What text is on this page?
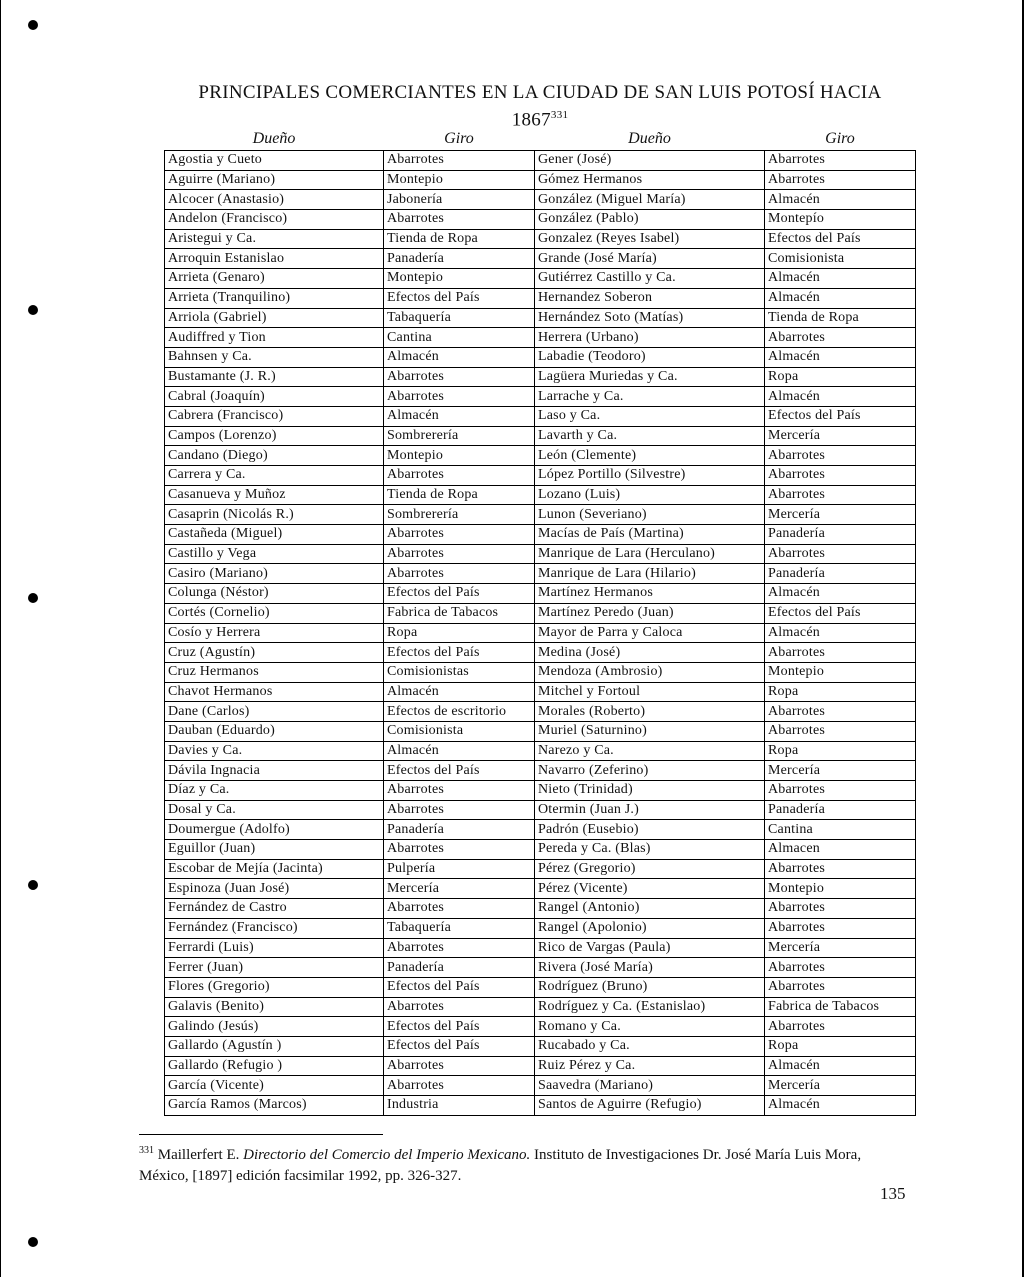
PRINCIPALES COMERCIANTES EN LA CIUDAD DE SAN LUIS POTOSÍ HACIA
1867$^{331}$
Dueño	Giro	Dueño	Giro
Agostia y Cueto	Abarrotes	Gener (José)	Abarrotes
Aguirre (Mariano)	Montepio	Gómez Hermanos	Abarrotes
Alcocer (Anastasio)	Jabonería	González (Miguel María)	Almacén
Andelon (Francisco)	Abarrotes	González (Pablo)	Montepío
Aristegui y Ca.	Tienda de Ropa	Gonzalez (Reyes Isabel)	Efectos del País
Arroquin Estanislao	Panadería	Grande (José María)	Comisionista
Arrieta (Genaro)	Montepio	Gutiérrez Castillo y Ca.	Almacén
Arrieta (Tranquilino)	Efectos del País	Hernandez Soberon	Almacén
Arriola (Gabriel)	Tabaquería	Hernández Soto (Matías)	Tienda de Ropa
Audiffred y Tion	Cantina	Herrera (Urbano)	Abarrotes
Bahnsen y Ca.	Almacén	Labadie (Teodoro)	Almacén
Bustamante (J. R.)	Abarrotes	Lagüera Muriedas y Ca.	Ropa
Cabral (Joaquín)	Abarrotes	Larrache y Ca.	Almacén
Cabrera (Francisco)	Almacén	Laso y Ca.	Efectos del País
Campos (Lorenzo)	Sombrerería	Lavarth y Ca.	Mercería
Candano (Diego)	Montepio	León (Clemente)	Abarrotes
Carrera y Ca.	Abarrotes	López Portillo (Silvestre)	Abarrotes
Casanueva y Muñoz	Tienda de Ropa	Lozano (Luis)	Abarrotes
Casaprin (Nicolás R.)	Sombrerería	Lunon (Severiano)	Mercería
Castañeda (Miguel)	Abarrotes	Macías de País (Martina)	Panadería
Castillo y Vega	Abarrotes	Manrique de Lara (Herculano)	Abarrotes
Casiro (Mariano)	Abarrotes	Manrique de Lara (Hilario)	Panadería
Colunga (Néstor)	Efectos del País	Martínez Hermanos	Almacén
Cortés (Cornelio)	Fabrica de Tabacos	Martínez Peredo (Juan)	Efectos del País
Cosío y Herrera	Ropa	Mayor de Parra y Caloca	Almacén
Cruz (Agustín)	Efectos del País	Medina (José)	Abarrotes
Cruz Hermanos	Comisionistas	Mendoza (Ambrosio)	Montepio
Chavot Hermanos	Almacén	Mitchel y Fortoul	Ropa
Dane (Carlos)	Efectos de escritorio	Morales (Roberto)	Abarrotes
Dauban (Eduardo)	Comisionista	Muriel (Saturnino)	Abarrotes
Davies y Ca.	Almacén	Narezo y Ca.	Ropa
Dávila Ingnacia	Efectos del País	Navarro (Zeferino)	Mercería
Díaz y Ca.	Abarrotes	Nieto (Trinidad)	Abarrotes
Dosal y Ca.	Abarrotes	Otermin (Juan J.)	Panadería
Doumergue (Adolfo)	Panadería	Padrón (Eusebio)	Cantina
Eguillor (Juan)	Abarrotes	Pereda y Ca. (Blas)	Almacen
Escobar de Mejía (Jacinta)	Pulpería	Pérez (Gregorio)	Abarrotes
Espinoza (Juan José)	Mercería	Pérez (Vicente)	Montepio
Fernández de Castro	Abarrotes	Rangel (Antonio)	Abarrotes
Fernández (Francisco)	Tabaquería	Rangel (Apolonio)	Abarrotes
Ferrardi (Luis)	Abarrotes	Rico de Vargas (Paula)	Mercería
Ferrer (Juan)	Panadería	Rivera (José María)	Abarrotes
Flores (Gregorio)	Efectos del País	Rodríguez (Bruno)	Abarrotes
Galavis (Benito)	Abarrotes	Rodríguez y Ca. (Estanislao)	Fabrica de Tabacos
Galindo (Jesús)	Efectos del País	Romano y Ca.	Abarrotes
Gallardo (Agustín )	Efectos del País	Rucabado y Ca.	Ropa
Gallardo (Refugio )	Abarrotes	Ruiz Pérez y Ca.	Almacén
García (Vicente)	Abarrotes	Saavedra (Mariano)	Mercería
García Ramos (Marcos)	Industria	Santos de Aguirre (Refugio)	Almacén
$^{331}$ Maillerfert E. Directorio del Comercio del Imperio Mexicano. Instituto de Investigaciones Dr. José María Luis Mora,
México, [1897] edición facsimilar 1992, pp. 326-327.
135
